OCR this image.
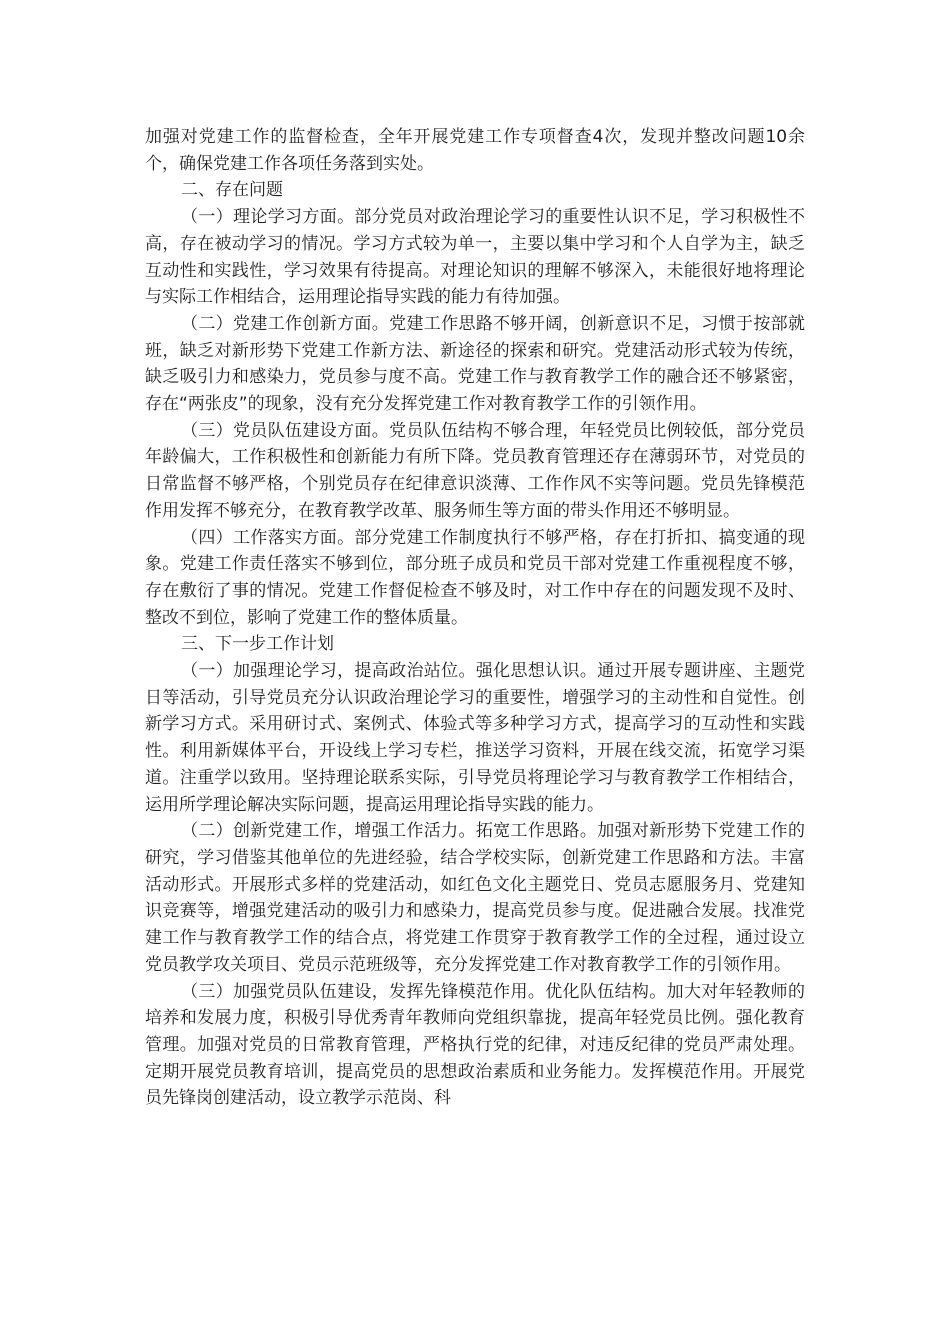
加强对党建工作的监督检查，全年开展党建工作专项督查4次，发现并整改问题10余个，确保党建工作各项任务落到实处。

二、存在问题

（一）理论学习方面。部分党员对政治理论学习的重要性认识不足，学习积极性不高，存在被动学习的情况。学习方式较为单一，主要以集中学习和个人自学为主，缺乏互动性和实践性，学习效果有待提高。对理论知识的理解不够深入，未能很好地将理论与实际工作相结合，运用理论指导实践的能力有待加强。

（二）党建工作创新方面。党建工作思路不够开阔，创新意识不足，习惯于按部就班，缺乏对新形势下党建工作新方法、新途径的探索和研究。党建活动形式较为传统，缺乏吸引力和感染力，党员参与度不高。党建工作与教育教学工作的融合还不够紧密，存在“两张皮”的现象，没有充分发挥党建工作对教育教学工作的引领作用。

（三）党员队伍建设方面。党员队伍结构不够合理，年轻党员比例较低，部分党员年龄偏大，工作积极性和创新能力有所下降。党员教育管理还存在薄弱环节，对党员的日常监督不够严格，个别党员存在纪律意识淡薄、工作作风不实等问题。党员先锋模范作用发挥不够充分，在教育教学改革、服务师生等方面的带头作用还不够明显。

（四）工作落实方面。部分党建工作制度执行不够严格，存在打折扣、搞变通的现象。党建工作责任落实不够到位，部分班子成员和党员干部对党建工作重视程度不够，存在敷衍了事的情况。党建工作督促检查不够及时，对工作中存在的问题发现不及时、整改不到位，影响了党建工作的整体质量。

三、下一步工作计划

（一）加强理论学习，提高政治站位。强化思想认识。通过开展专题讲座、主题党日等活动，引导党员充分认识政治理论学习的重要性，增强学习的主动性和自觉性。创新学习方式。采用研讨式、案例式、体验式等多种学习方式，提高学习的互动性和实践性。利用新媒体平台，开设线上学习专栏，推送学习资料，开展在线交流，拓宽学习渠道。注重学以致用。坚持理论联系实际，引导党员将理论学习与教育教学工作相结合，运用所学理论解决实际问题，提高运用理论指导实践的能力。

（二）创新党建工作，增强工作活力。拓宽工作思路。加强对新形势下党建工作的研究，学习借鉴其他单位的先进经验，结合学校实际，创新党建工作思路和方法。丰富活动形式。开展形式多样的党建活动，如红色文化主题党日、党员志愿服务月、党建知识竞赛等，增强党建活动的吸引力和感染力，提高党员参与度。促进融合发展。找准党建工作与教育教学工作的结合点，将党建工作贯穿于教育教学工作的全过程，通过设立党员教学攻关项目、党员示范班级等，充分发挥党建工作对教育教学工作的引领作用。

（三）加强党员队伍建设，发挥先锋模范作用。优化队伍结构。加大对年轻教师的培养和发展力度，积极引导优秀青年教师向党组织靠拢，提高年轻党员比例。强化教育管理。加强对党员的日常教育管理，严格执行党的纪律，对违反纪律的党员严肃处理。定期开展党员教育培训，提高党员的思想政治素质和业务能力。发挥模范作用。开展党员先锋岗创建活动，设立教学示范岗、科
